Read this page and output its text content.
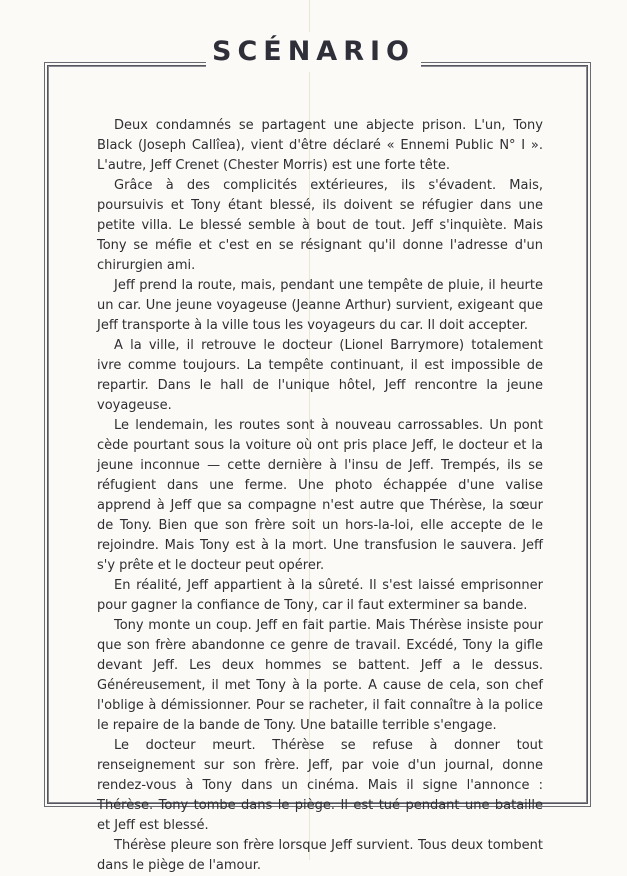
SCÉNARIO

Deux condamnés se partagent une abjecte prison. L'un, Tony Black (Joseph Callîea), vient d'être déclaré « Ennemi Public N° I ». L'autre, Jeff Crenet (Chester Morris) est une forte tête.

Grâce à des complicités extérieures, ils s'évadent. Mais, poursuivis et Tony étant blessé, ils doivent se réfugier dans une petite villa. Le blessé semble à bout de tout. Jeff s'inquiète. Mais Tony se méfie et c'est en se résignant qu'il donne l'adresse d'un chirurgien ami.

Jeff prend la route, mais, pendant une tempête de pluie, il heurte un car. Une jeune voyageuse (Jeanne Arthur) survient, exigeant que Jeff transporte à la ville tous les voyageurs du car. Il doit accepter.

A la ville, il retrouve le docteur (Lionel Barrymore) totalement ivre comme toujours. La tempête continuant, il est impossible de repartir. Dans le hall de l'unique hôtel, Jeff rencontre la jeune voyageuse.

Le lendemain, les routes sont à nouveau carrossables. Un pont cède pourtant sous la voiture où ont pris place Jeff, le docteur et la jeune inconnue — cette dernière à l'insu de Jeff. Trempés, ils se réfugient dans une ferme. Une photo échappée d'une valise apprend à Jeff que sa compagne n'est autre que Thérèse, la sœur de Tony. Bien que son frère soit un hors-la-loi, elle accepte de le rejoindre. Mais Tony est à la mort. Une transfusion le sauvera. Jeff s'y prête et le docteur peut opérer.

En réalité, Jeff appartient à la sûreté. Il s'est laissé emprisonner pour gagner la confiance de Tony, car il faut exterminer sa bande.

Tony monte un coup. Jeff en fait partie. Mais Thérèse insiste pour que son frère abandonne ce genre de travail. Excédé, Tony la gifle devant Jeff. Les deux hommes se battent. Jeff a le dessus. Généreusement, il met Tony à la porte. A cause de cela, son chef l'oblige à démissionner. Pour se racheter, il fait connaître à la police le repaire de la bande de Tony. Une bataille terrible s'engage.

Le docteur meurt. Thérèse se refuse à donner tout renseignement sur son frère. Jeff, par voie d'un journal, donne rendez-vous à Tony dans un cinéma. Mais il signe l'annonce : Thérèse. Tony tombe dans le piège. Il est tué pendant une bataille et Jeff est blessé.

Thérèse pleure son frère lorsque Jeff survient. Tous deux tombent dans le piège de l'amour.
